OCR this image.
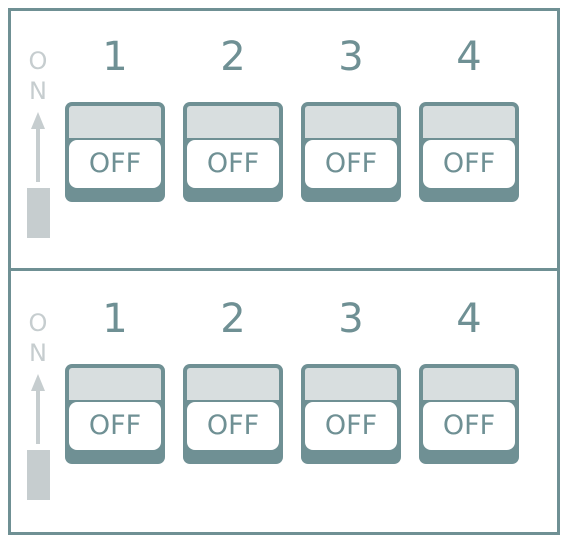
O
N
1	2	3	4
OFF	OFF	OFF	OFF
O
N
1	2	3	4
OFF	OFF	OFF	OFF
